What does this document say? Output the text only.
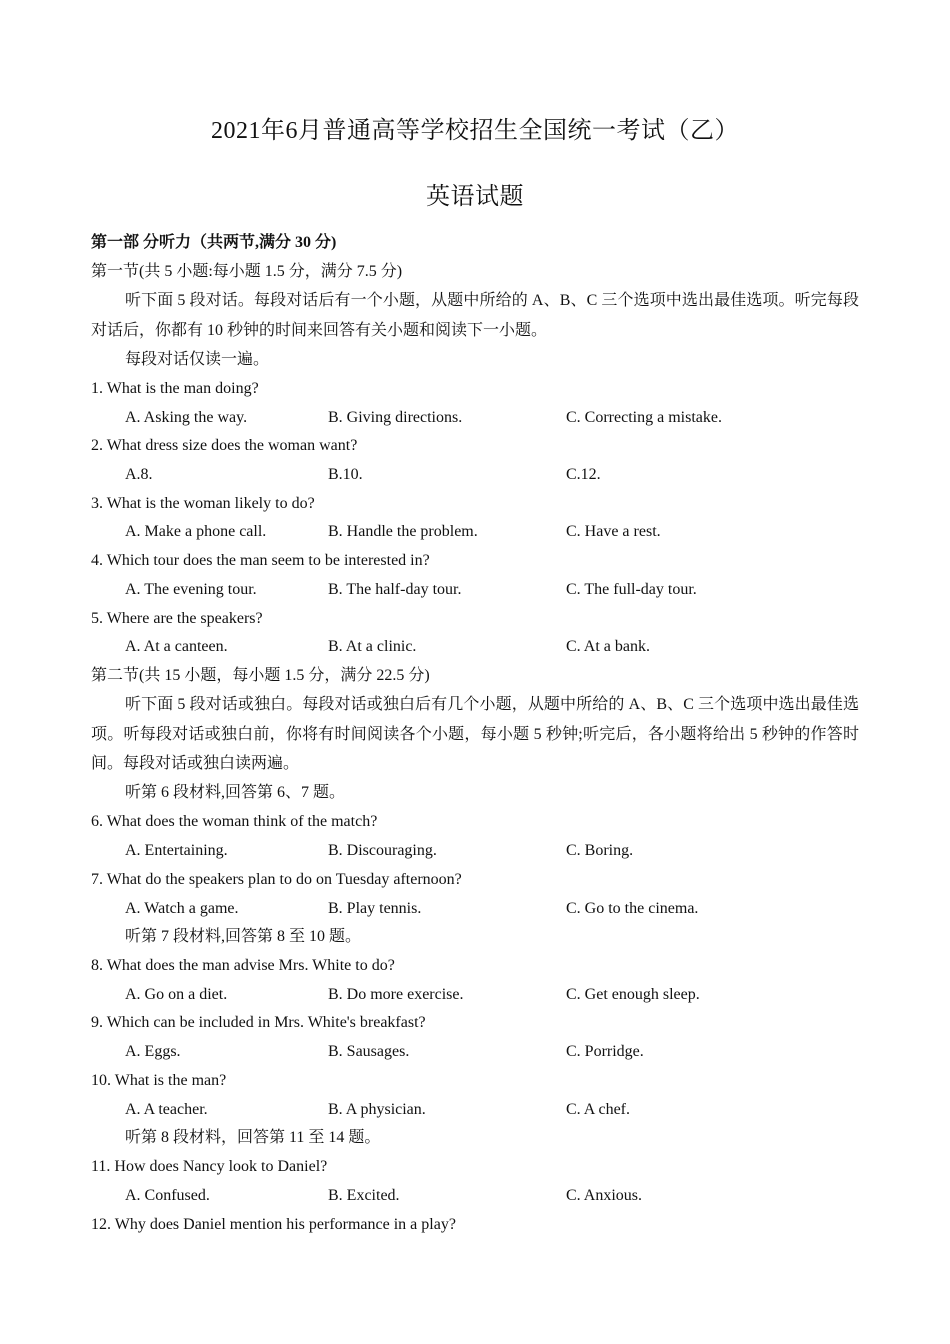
2021年6月普通高等学校招生全国统一考试（乙）
英语试题
第一部 分听力（共两节,满分 30 分)
第一节(共 5 小题:每小题 1.5 分，满分 7.5 分)
听下面 5 段对话。每段对话后有一个小题，从题中所给的 A、B、C 三个选项中选出最佳选项。听完每段对话后，你都有 10 秒钟的时间来回答有关小题和阅读下一小题。
每段对话仅读一遍。
1. What is the man doing?
A. Asking the way.	B. Giving directions.	C. Correcting a mistake.
2. What dress size does the woman want?
A.8.	B.10.	C.12.
3. What is the woman likely to do?
A. Make a phone call.	B. Handle the problem.	C. Have a rest.
4. Which tour does the man seem to be interested in?
A. The evening tour.	B. The half-day tour.	C. The full-day tour.
5. Where are the speakers?
A. At a canteen.	B. At a clinic.	C. At a bank.
第二节(共 15 小题，每小题 1.5 分，满分 22.5 分)
听下面 5 段对话或独白。每段对话或独白后有几个小题，从题中所给的 A、B、C 三个选项中选出最佳选项。听每段对话或独白前，你将有时间阅读各个小题，每小题 5 秒钟;听完后，各小题将给出 5 秒钟的作答时间。每段对话或独白读两遍。
听第 6 段材料,回答第 6、7 题。
6. What does the woman think of the match?
A. Entertaining.	B. Discouraging.	C. Boring.
7. What do the speakers plan to do on Tuesday afternoon?
A. Watch a game.	B. Play tennis.	C. Go to the cinema.
听第 7 段材料,回答第 8 至 10 题。
8. What does the man advise Mrs. White to do?
A. Go on a diet.	B. Do more exercise.	C. Get enough sleep.
9. Which can be included in Mrs. White's breakfast?
A. Eggs.	B. Sausages.	C. Porridge.
10. What is the man?
A. A teacher.	B. A physician.	C. A chef.
听第 8 段材料，回答第 11 至 14 题。
11. How does Nancy look to Daniel?
A. Confused.	B. Excited.	C. Anxious.
12. Why does Daniel mention his performance in a play?
